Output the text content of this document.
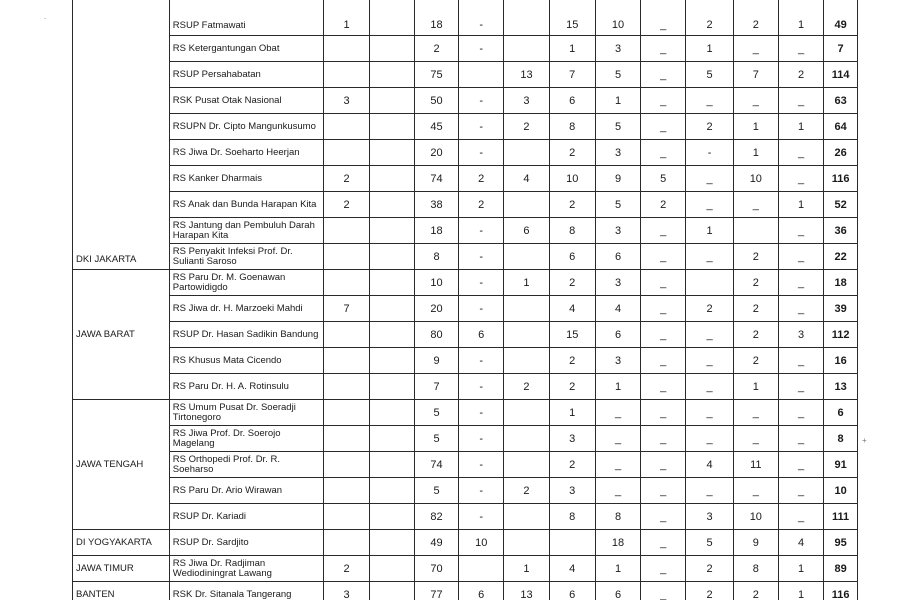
DKI JAKARTA	RSUP Fatmawati	1		18	-		15	10	_	2	2	1	49
	RS Ketergantungan Obat			2	-		1	3	_	1	_	_	7
	RSUP Persahabatan			75		13	7	5	_	5	7	2	114
	RSK Pusat Otak Nasional	3		50	-	3	6	1	_	_	_	_	63
	RSUPN Dr. Cipto Mangunkusumo			45	-	2	8	5	_	2	1	1	64
	RS Jiwa Dr. Soeharto Heerjan			20	-		2	3	_	-	1	_	26
	RS Kanker Dharmais	2		74	2	4	10	9	5	_	10	_	116
	RS Anak dan Bunda Harapan Kita	2		38	2		2	5	2	_	_	1	52
	RS Jantung dan Pembuluh Darah Harapan Kita			18	-	6	8	3	_	1		_	36
	RS Penyakit Infeksi Prof. Dr. Sulianti Saroso			8	-		6	6	_	_	2	_	22
JAWA BARAT	RS Paru Dr. M. Goenawan Partowidigdo			10	-	1	2	3	_		2	_	18
	RS Jiwa dr. H. Marzoeki Mahdi	7		20	-		4	4	_	2	2	_	39
	RSUP Dr. Hasan Sadikin Bandung			80	6		15	6	_	_	2	3	112
	RS Khusus Mata Cicendo			9	-		2	3	_	_	2	_	16
	RS Paru Dr. H. A. Rotinsulu			7	-	2	2	1	_	_	1	_	13
JAWA TENGAH	RS Umum Pusat Dr. Soeradji Tirtonegoro			5	-		1	_	_	_	_	_	6
	RS Jiwa Prof. Dr. Soerojo Magelang			5	-		3	_	_	_	_	_	8
	RS Orthopedi Prof. Dr. R. Soeharso			74	-		2	_	_	4	11	_	91
	RS Paru Dr. Ario Wirawan			5	-	2	3	_	_	_	_	_	10
	RSUP Dr. Kariadi			82	-		8	8	_	3	10	_	111
DI YOGYAKARTA	RSUP Dr. Sardjito			49	10			18	_	5	9	4	95
JAWA TIMUR	RS Jiwa Dr. Radjiman Wediodiningrat Lawang	2		70		1	4	1	_	2	8	1	89
BANTEN	RSK Dr. Sitanala Tangerang	3		77	6	13	6	6	_	2	2	1	116
.
+
